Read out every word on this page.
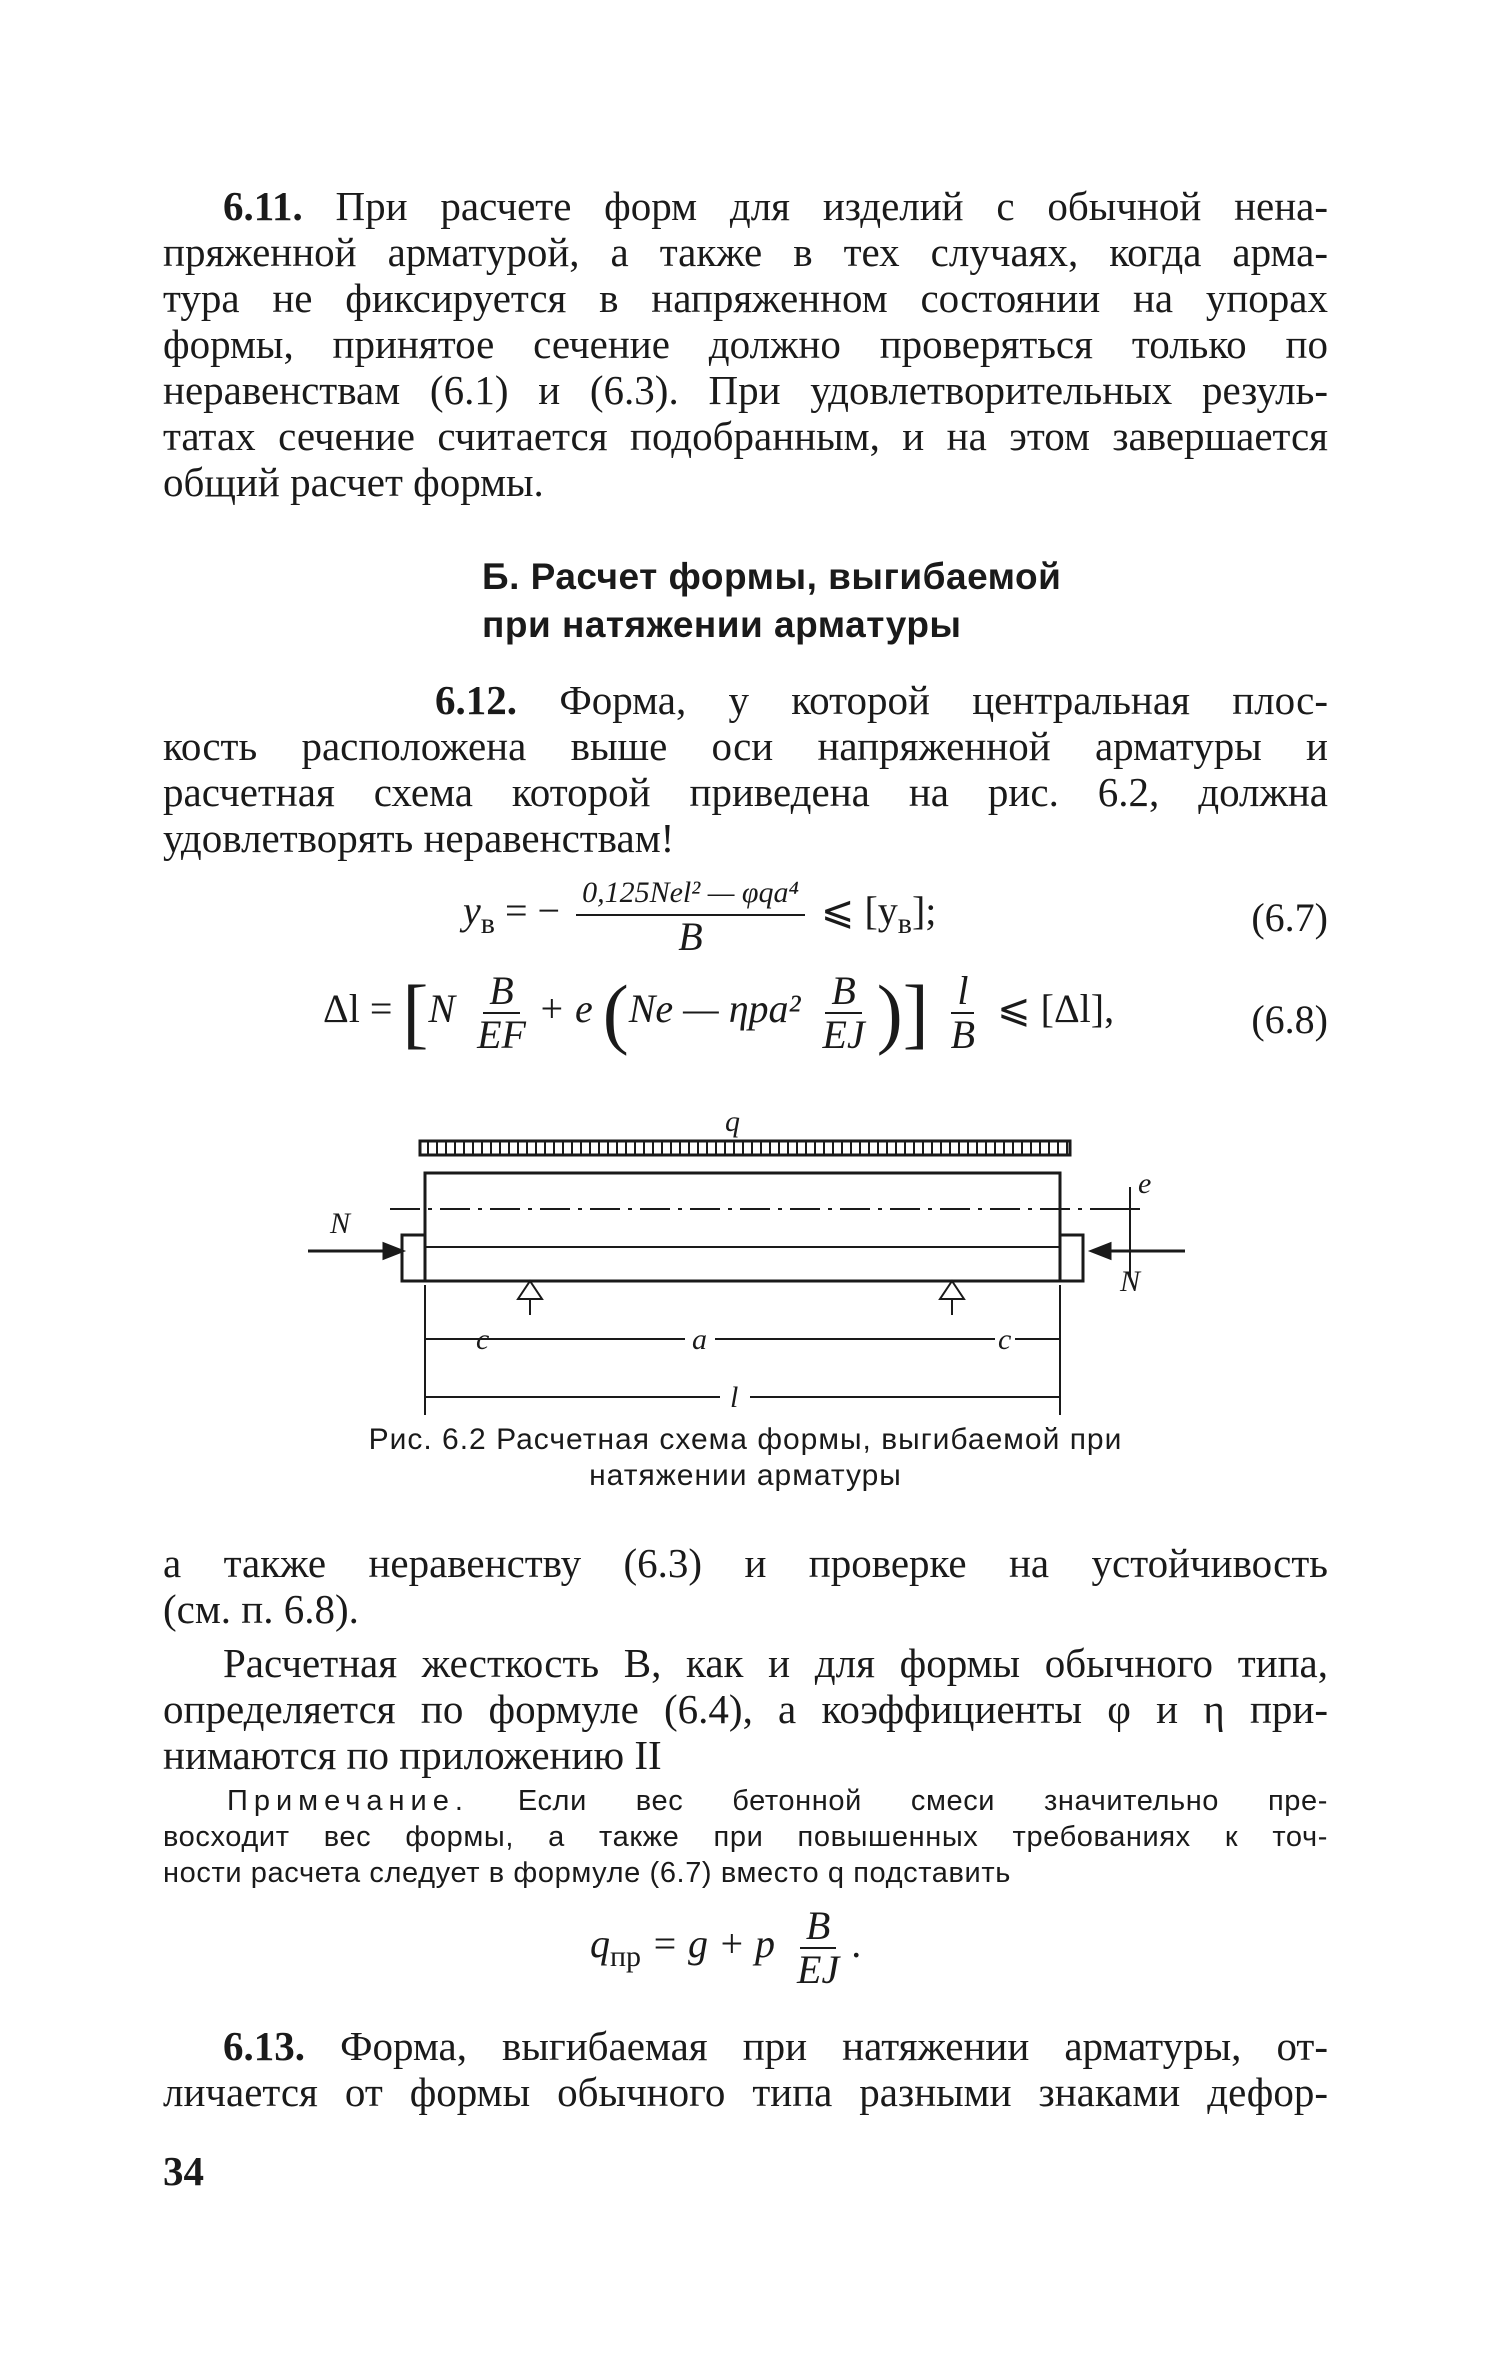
6.11. При расчете форм для изделий с обычной нена-
пряженной арматурой, а также в тех случаях, когда арма-
тура не фиксируется в напряженном состоянии на упорах
формы, принятое сечение должно проверяться только по
неравенствам (6.1) и (6.3). При удовлетворительных резуль-
татах сечение считается подобранным, и на этом завершается
общий расчет формы.
Б. Расчет формы, выгибаемой
при натяжении арматуры
6.12. Форма, у которой центральная плос-
кость расположена выше оси напряженной арматуры и
расчетная схема которой приведена на рис. 6.2, должна
удовлетворять неравенствам!
$y_в$ = − $\frac{\text{0,125Nel² — φqa⁴}}{B}$ ⩽ $[y_в]$;	(6.7)
$\Delta l = [N \frac{B}{EF} + e$ (Ne — $\eta pa^2 \frac{B}{EJ}$ )] $\frac{l}{B}$ ⩽ [Δl],	(6.8)
q
N
N
e
c	a	c
l
Рис. 6.2 Расчетная схема формы, выгибаемой при
натяжении арматуры
а также неравенству (6.3) и проверке на устойчивость
(см. п. 6.8).
Расчетная жесткость B, как и для формы обычного типа,
определяется по формуле (6.4), а коэффициенты φ и η при-
нимаются по приложению II
Примечание. Если вес бетонной смеси значительно пре-
восходит вес формы, а также при повышенных требованиях к точ-
ности расчета следует в формуле (6.7) вместо q подставить
$q_{пр} = g + p \frac{B}{EJ}$ .
6.13. Форма, выгибаемая при натяжении арматуры, от-
личается от формы обычного типа разными знаками дефор-
34
